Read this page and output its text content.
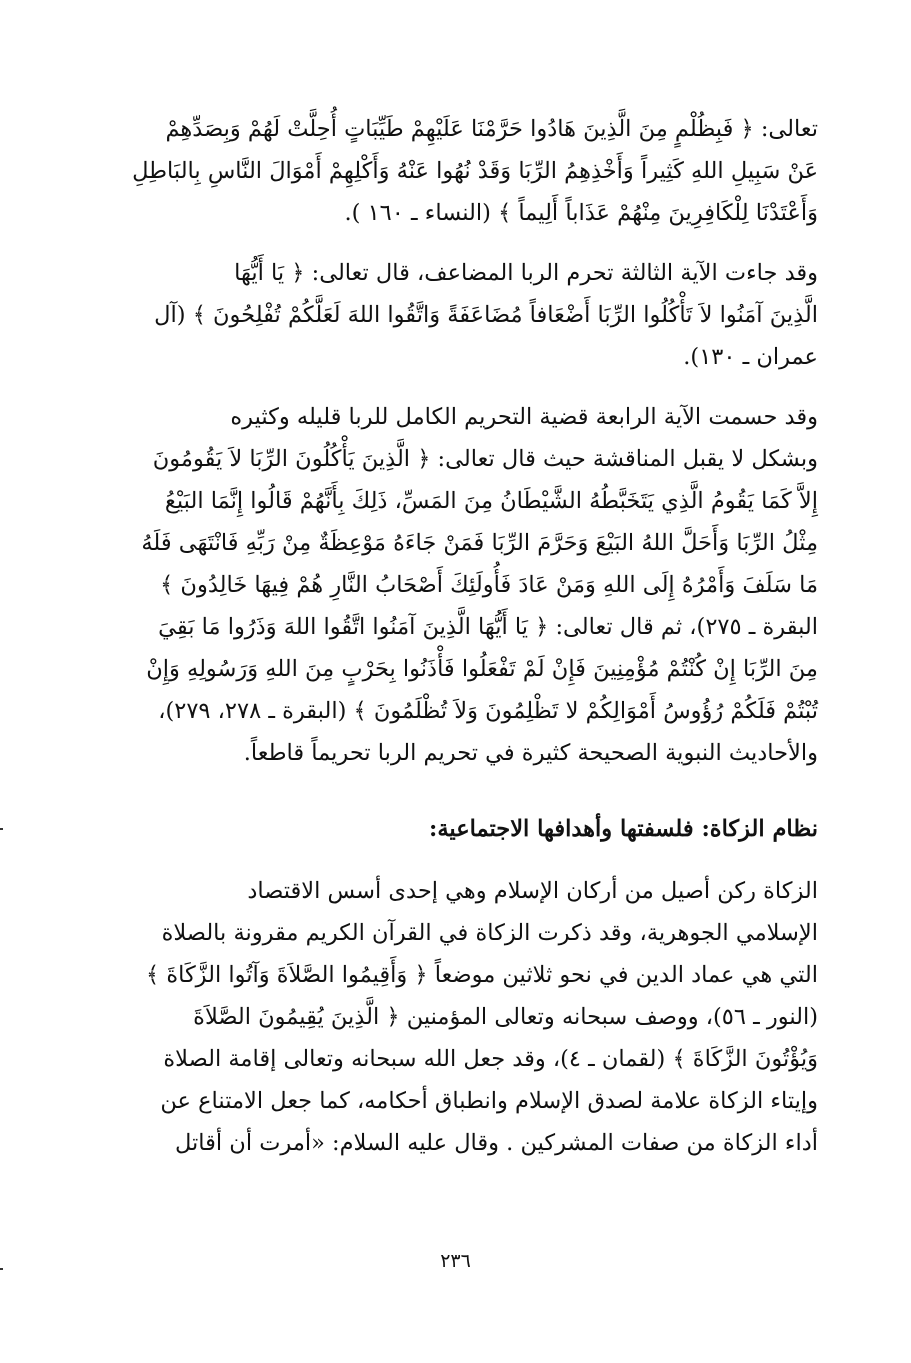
تعالى: ﴿ فَبِظُلْمٍ مِنَ الَّذِينَ هَادُوا حَرَّمْنَا عَلَيْهِمْ طَيِّبَاتٍ أُحِلَّتْ لَهُمْ وَبِصَدِّهِمْ
عَنْ سَبِيلِ اللهِ كَثِيراً وَأَخْذِهِمُ الرِّبَا وَقَدْ نُهُوا عَنْهُ وَأَكْلِهِمْ أَمْوَالَ النَّاسِ بِالبَاطِلِ
وَأَعْتَدْنَا لِلْكَافِرِينَ مِنْهُمْ عَذَاباً أَلِيماً ﴾ (النساء ـ ١٦٠ ).

وقد جاءت الآية الثالثة تحرم الربا المضاعف، قال تعالى: ﴿ يَا أَيُّهَا
الَّذِينَ آمَنُوا لاَ تَأْكُلُوا الرِّبَا أَضْعَافاً مُضَاعَفَةً وَاتَّقُوا اللهَ لَعَلَّكُمْ تُفْلِحُونَ ﴾ (آل
عمران ـ ١٣٠).

وقد حسمت الآية الرابعة قضية التحريم الكامل للربا قليله وكثيره
وبشكل لا يقبل المناقشة حيث قال تعالى: ﴿ الَّذِينَ يَأْكُلُونَ الرِّبَا لاَ يَقُومُونَ
إِلاَّ كَمَا يَقُومُ الَّذِي يَتَخَبَّطُهُ الشَّيْطَانُ مِنَ المَسِّ، ذَلِكَ بِأَنَّهُمْ قَالُوا إِنَّمَا البَيْعُ
مِثْلُ الرِّبَا وَأَحَلَّ اللهُ البَيْعَ وَحَرَّمَ الرِّبَا فَمَنْ جَاءَهُ مَوْعِظَةٌ مِنْ رَبِّهِ فَانْتَهَى فَلَهُ
مَا سَلَفَ وَأَمْرُهُ إِلَى اللهِ وَمَنْ عَادَ فَأُولَئِكَ أَصْحَابُ النَّارِ هُمْ فِيهَا خَالِدُونَ ﴾
البقرة ـ ٢٧٥)، ثم قال تعالى: ﴿ يَا أَيُّهَا الَّذِينَ آمَنُوا اتَّقُوا اللهَ وَذَرُوا مَا بَقِيَ
مِنَ الرِّبَا إِنْ كُنْتُمْ مُؤْمِنِينَ فَإِنْ لَمْ تَفْعَلُوا فَأْذَنُوا بِحَرْبٍ مِنَ اللهِ وَرَسُولِهِ وَإِنْ
تُبْتُمْ فَلَكُمْ رُؤُوسُ أَمْوَالِكُمْ لا تَظْلِمُونَ وَلاَ تُظْلَمُونَ ﴾ (البقرة ـ ٢٧٨، ٢٧٩)،
والأحاديث النبوية الصحيحة كثيرة في تحريم الربا تحريماً قاطعاً.

نظام الزكاة: فلسفتها وأهدافها الاجتماعية:

الزكاة ركن أصيل من أركان الإسلام وهي إحدى أسس الاقتصاد
الإسلامي الجوهرية، وقد ذكرت الزكاة في القرآن الكريم مقرونة بالصلاة
التي هي عماد الدين في نحو ثلاثين موضعاً ﴿ وَأَقِيمُوا الصَّلاَةَ وَآتُوا الزَّكَاةَ ﴾
(النور ـ ٥٦)، ووصف سبحانه وتعالى المؤمنين ﴿ الَّذِينَ يُقِيمُونَ الصَّلاَةَ
وَيُؤْتُونَ الزَّكَاةَ ﴾ (لقمان ـ ٤)، وقد جعل الله سبحانه وتعالى إقامة الصلاة
وإيتاء الزكاة علامة لصدق الإسلام وانطباق أحكامه، كما جعل الامتناع عن
أداء الزكاة من صفات المشركين . وقال عليه السلام: «أمرت أن أقاتل

٢٣٦
